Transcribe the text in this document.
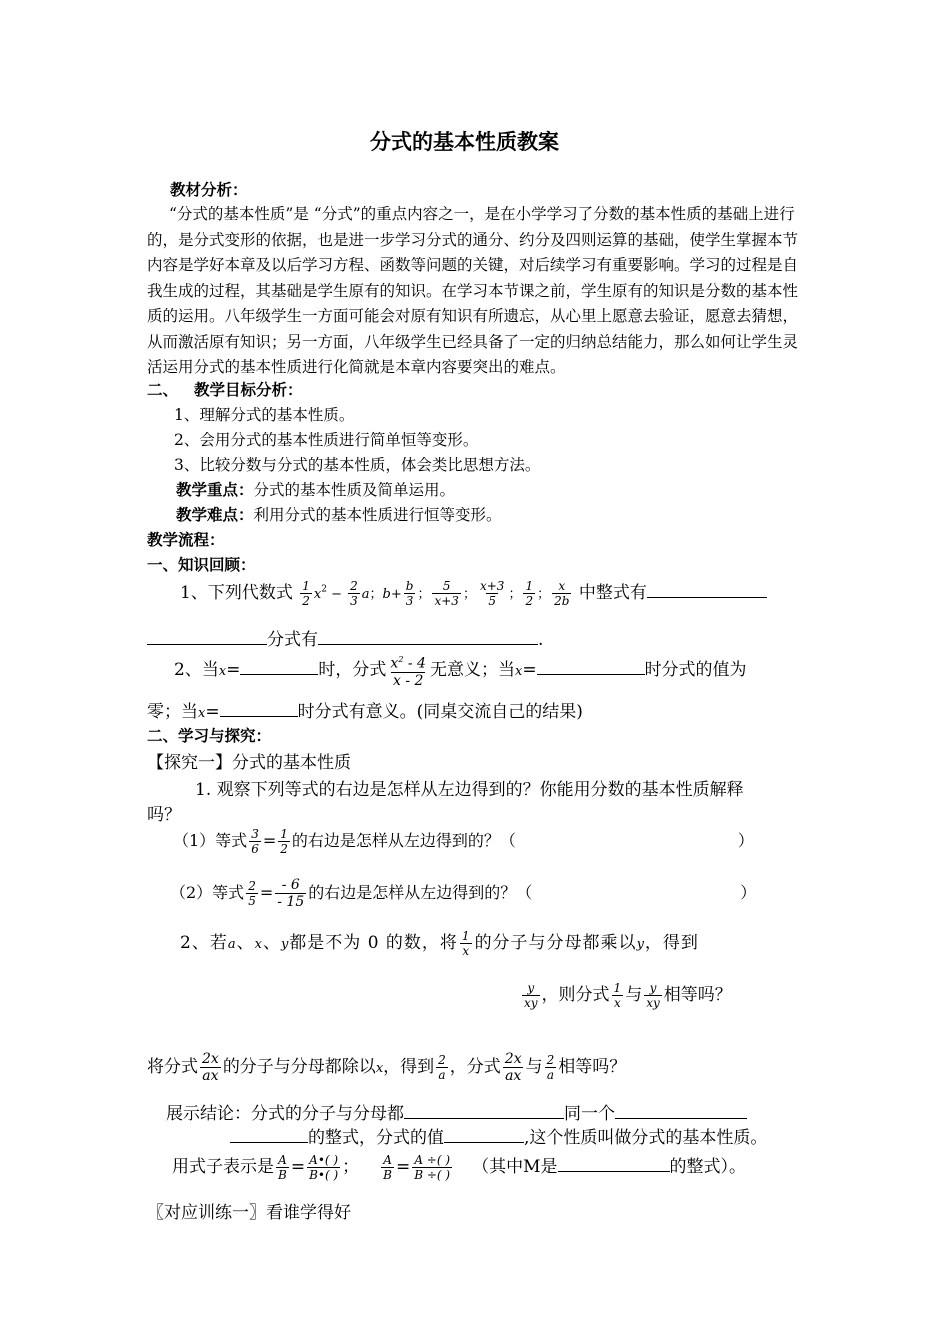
分式的基本性质教案
教材分析：
“分式的基本性质”是 “分式”的重点内容之一，是在小学学习了分数的基本性质的基础上进行的，是分式变形的依据，也是进一步学习分式的通分、约分及四则运算的基础，使学生掌握本节内容是学好本章及以后学习方程、函数等问题的关键，对后续学习有重要影响。学习的过程是自我生成的过程，其基础是学生原有的知识。在学习本节课之前，学生原有的知识是分数的基本性质的运用。八年级学生一方面可能会对原有知识有所遗忘，从心里上愿意去验证，愿意去猜想，从而激活原有知识；另一方面，八年级学生已经具备了一定的归纳总结能力，那么如何让学生灵活运用分式的基本性质进行化简就是本章内容要突出的难点。
二、 教学目标分析：
1、理解分式的基本性质。
2、会用分式的基本性质进行简单恒等变形。
3、比较分数与分式的基本性质，体会类比思想方法。
教学重点：分式的基本性质及简单运用。
教学难点：利用分式的基本性质进行恒等变形。
教学流程：
一、知识回顾：
1、下列代数式 $\frac{1}{2} x^2 - \frac{2}{3}$ a；$b+ \frac{b}{3}$ ； $\frac{5}{x+3}$ ； $\frac{x+3}{5}$ ； $\frac{1}{2}$ ； $\frac{x}{2b}$ 中整式有
分式有	.
2、当x=	时，分式 $\frac{x^2 - 4}{x - 2}$ 无意义；当x=	时分式的值为
零；当x=	时分式有意义。(同桌交流自己的结果)
二、学习与探究：
【探究一】分式的基本性质
1. 观察下列等式的右边是怎样从左边得到的？你能用分数的基本性质解释
吗？
（1）等式 $\frac{3}{6} = \frac{1}{2}$ 的右边是怎样从左边得到的？（	）
（2）等式 $\frac{2}{5} = \frac{- 6}{- 15}$ 的右边是怎样从左边得到的？（	）
2、若a、x、y都是不为 0 的数，将 $\frac{1}{x}$ 的分子与分母都乘以y，得到
$\frac{y}{xy}$ ，则分式 $\frac{1}{x}$ 与 $\frac{y}{xy}$ 相等吗？
将分式 $\frac{2x}{ax}$ 的分子与分母都除以x，得到 $\frac{2}{a}$ ，分式 $\frac{2x}{ax}$ 与 $\frac{2}{a}$ 相等吗？
展示结论：分式的分子与分母都	同一个
的整式，分式的值	,这个性质叫做分式的基本性质。
用式子表示是 $\frac{A}{B} = \frac{A•( )}{B•( )}$ ； $\frac{A}{B} = \frac{A \div( )}{B \div( )}$ （其中M是	的整式）。
〖对应训练一〗看谁学得好
